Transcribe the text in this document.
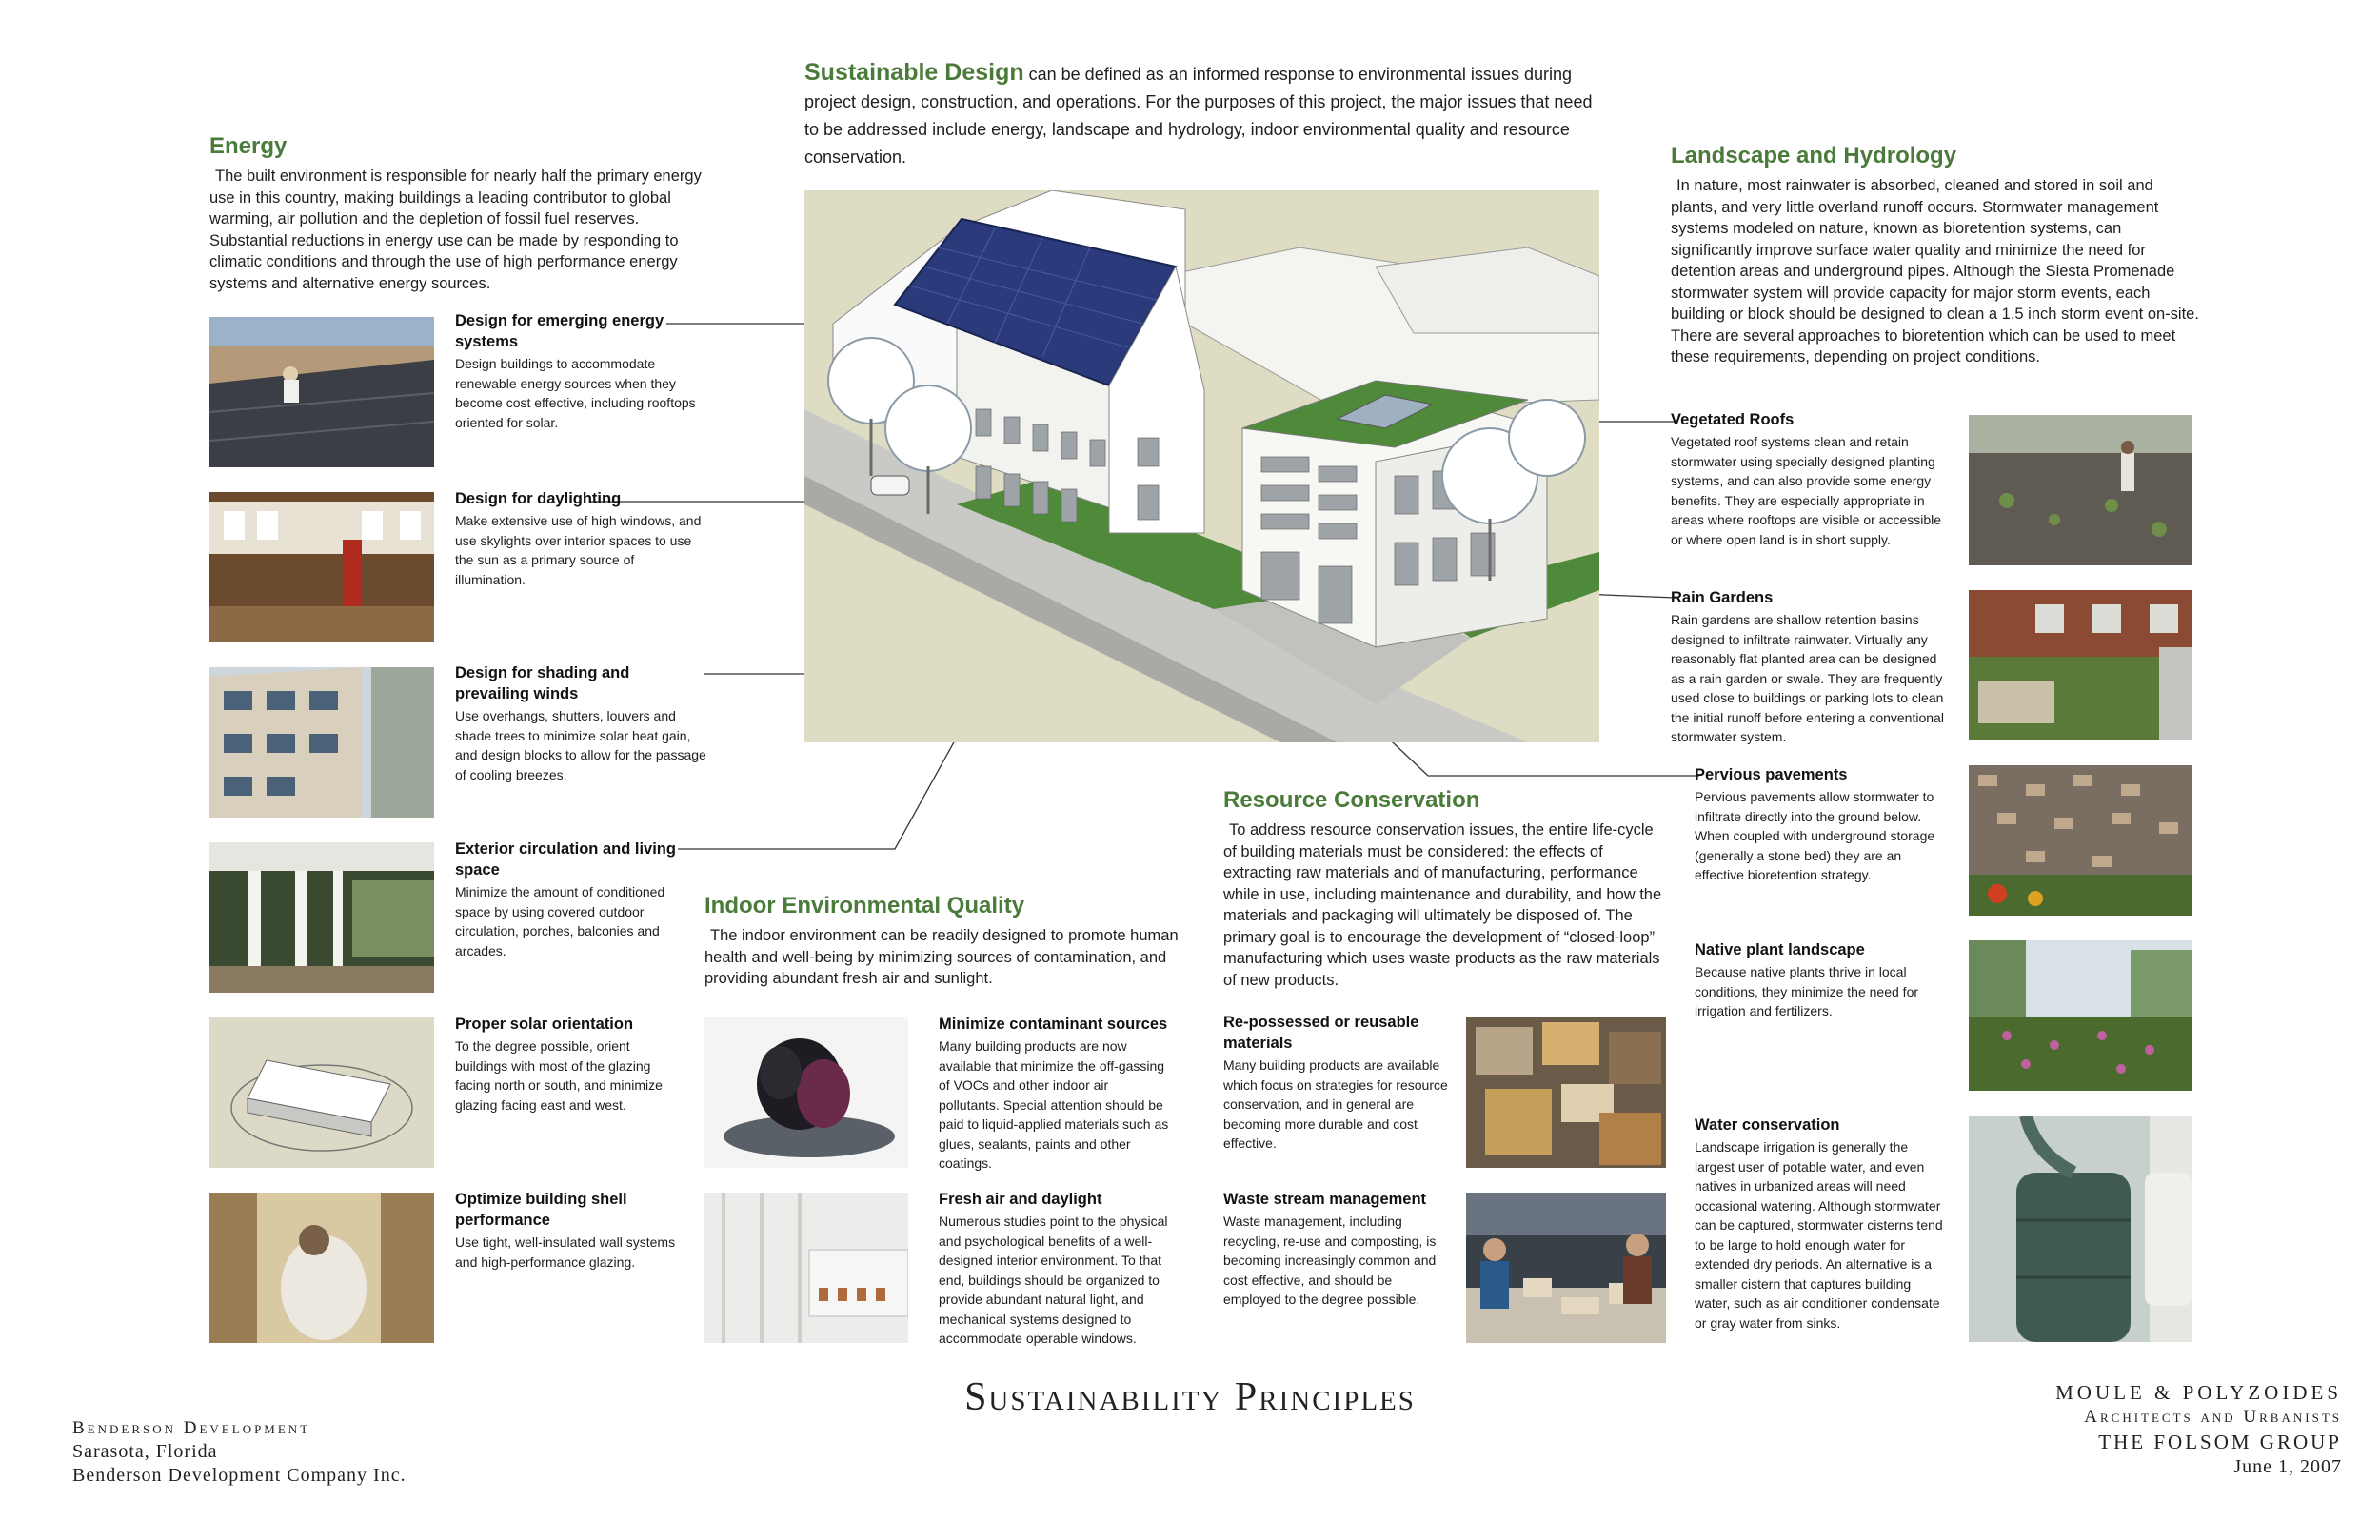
Sustainable Design can be defined as an informed response to environmental issues during project design, construction, and operations. For the purposes of this project, the major issues that need to be addressed include energy, landscape and hydrology, indoor environmental quality and resource conservation.

Energy

The built environment is responsible for nearly half the primary energy use in this country, making buildings a leading contributor to global warming, air pollution and the depletion of fossil fuel reserves. Substantial reductions in energy use can be made by responding to climatic conditions and through the use of high performance energy systems and alternative energy sources.

Design for emerging energy systems

Design buildings to accommodate renewable energy sources when they become cost effective, including rooftops oriented for solar.

Design for daylighting

Make extensive use of high windows, and use skylights over interior spaces to use the sun as a primary source of illumination.

Design for shading and prevailing winds

Use overhangs, shutters, louvers and shade trees to minimize solar heat gain, and design blocks to allow for the passage of cooling breezes.

Exterior circulation and living space

Minimize the amount of conditioned space by using covered outdoor circulation, porches, balconies and arcades.

Proper solar orientation

To the degree possible, orient buildings with most of the glazing facing north or south, and minimize glazing facing east and west.

Optimize building shell performance

Use tight, well-insulated wall systems and high-performance glazing.

Landscape and Hydrology

In nature, most rainwater is absorbed, cleaned and stored in soil and plants, and very little overland runoff occurs. Stormwater management systems modeled on nature, known as bioretention systems, can significantly improve surface water quality and minimize the need for detention areas and underground pipes. Although the Siesta Promenade stormwater system will provide capacity for major storm events, each building or block should be designed to clean a 1.5 inch storm event on-site. There are several approaches to bioretention which can be used to meet these requirements, depending on project conditions.

Vegetated Roofs

Vegetated roof systems clean and retain stormwater using specially designed planting systems, and can also provide some energy benefits. They are especially appropriate in areas where rooftops are visible or accessible or where open land is in short supply.

Rain Gardens

Rain gardens are shallow retention basins designed to infiltrate rainwater. Virtually any reasonably flat planted area can be designed as a rain garden or swale. They are frequently used close to buildings or parking lots to clean the initial runoff before entering a conventional stormwater system.

Pervious pavements

Pervious pavements allow stormwater to infiltrate directly into the ground below. When coupled with underground storage (generally a stone bed) they are an effective bioretention strategy.

Native plant landscape

Because native plants thrive in local conditions, they minimize the need for irrigation and fertilizers.

Water conservation

Landscape irrigation is generally the largest user of potable water, and even natives in urbanized areas will need occasional watering. Although stormwater can be captured, stormwater cisterns tend to be large to hold enough water for extended dry periods. An alternative is a smaller cistern that captures building water, such as air conditioner condensate or gray water from sinks.

Indoor Environmental Quality

The indoor environment can be readily designed to promote human health and well-being by minimizing sources of contamination, and providing abundant fresh air and sunlight.

Minimize contaminant sources

Many building products are now available that minimize the off-gassing of VOCs and other indoor air pollutants. Special attention should be paid to liquid-applied materials such as glues, sealants, paints and other coatings.

Fresh air and daylight

Numerous studies point to the physical and psychological benefits of a well-designed interior environment. To that end, buildings should be organized to provide abundant natural light, and mechanical systems designed to accommodate operable windows.

Resource Conservation

To address resource conservation issues, the entire life-cycle of building materials must be considered: the effects of extracting raw materials and of manufacturing, performance while in use, including maintenance and durability, and how the materials and packaging will ultimately be disposed of. The primary goal is to encourage the development of “closed-loop” manufacturing which uses waste products as the raw materials of new products.

Re-possessed or reusable materials

Many building products are available which focus on strategies for resource conservation, and in general are becoming more durable and cost effective.

Waste stream management

Waste management, including recycling, re-use and composting, is becoming increasingly common and cost effective, and should be employed to the degree possible.

Sustainability Principles
Benderson Development
Sarasota, Florida
Benderson Development Company Inc.
MOULE & POLYZOIDES
Architects and Urbanists
THE FOLSOM GROUP
June 1, 2007
